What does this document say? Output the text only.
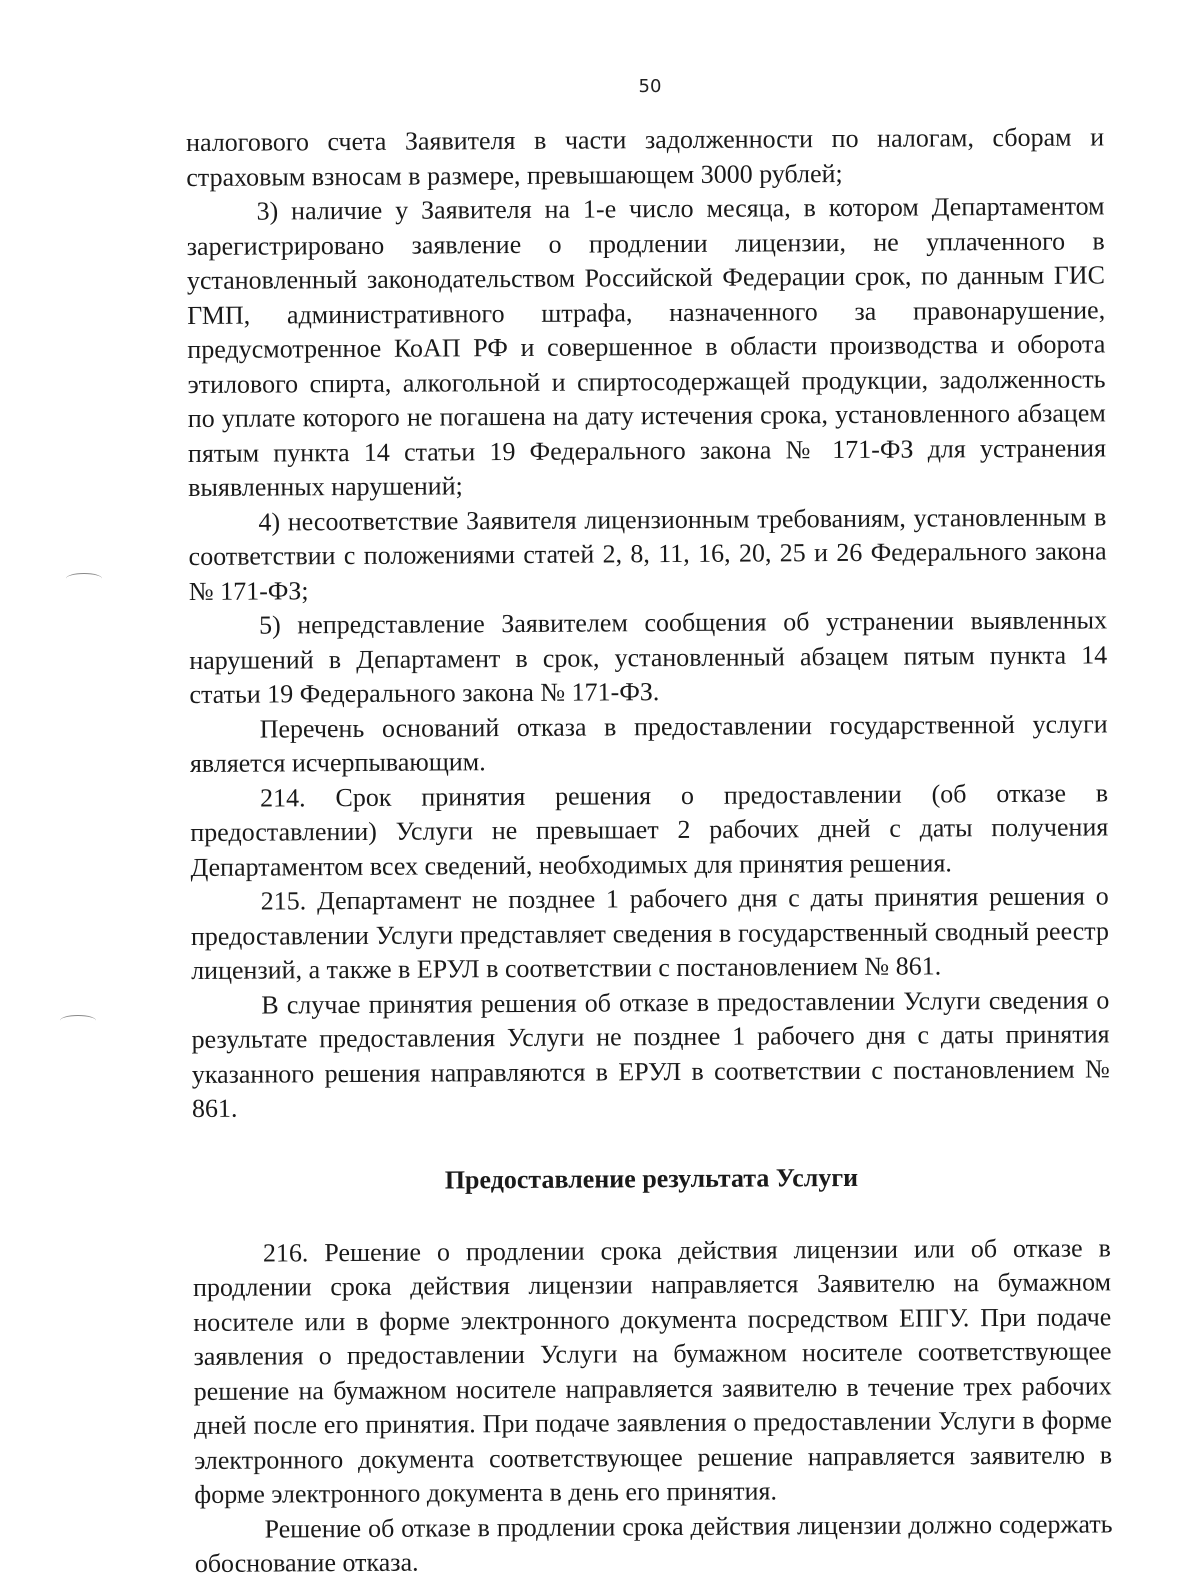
50

налогового счета Заявителя в части задолженности по налогам, сборам и страховым взносам в размере, превышающем 3000 рублей;

3) наличие у Заявителя на 1-е число месяца, в котором Департаментом зарегистрировано заявление о продлении лицензии, не уплаченного в установленный законодательством Российской Федерации срок, по данным ГИС ГМП, административного штрафа, назначенного за правонарушение, предусмотренное КоАП РФ и совершенное в области производства и оборота этилового спирта, алкогольной и спиртосодержащей продукции, задолженность по уплате которого не погашена на дату истечения срока, установленного абзацем пятым пункта 14 статьи 19 Федерального закона № 171-ФЗ для устранения выявленных нарушений;

4) несоответствие Заявителя лицензионным требованиям, установленным в соответствии с положениями статей 2, 8, 11, 16, 20, 25 и 26 Федерального закона № 171-ФЗ;

5) непредставление Заявителем сообщения об устранении выявленных нарушений в Департамент в срок, установленный абзацем пятым пункта 14 статьи 19 Федерального закона № 171-ФЗ.

Перечень оснований отказа в предоставлении государственной услуги является исчерпывающим.

214. Срок принятия решения о предоставлении (об отказе в предоставлении) Услуги не превышает 2 рабочих дней с даты получения Департаментом всех сведений, необходимых для принятия решения.

215. Департамент не позднее 1 рабочего дня с даты принятия решения о предоставлении Услуги представляет сведения в государственный сводный реестр лицензий, а также в ЕРУЛ в соответствии с постановлением № 861.

В случае принятия решения об отказе в предоставлении Услуги сведения о результате предоставления Услуги не позднее 1 рабочего дня с даты принятия указанного решения направляются в ЕРУЛ в соответствии с постановлением № 861.

Предоставление результата Услуги

216. Решение о продлении срока действия лицензии или об отказе в продлении срока действия лицензии направляется Заявителю на бумажном носителе или в форме электронного документа посредством ЕПГУ. При подаче заявления о предоставлении Услуги на бумажном носителе соответствующее решение на бумажном носителе направляется заявителю в течение трех рабочих дней после его принятия. При подаче заявления о предоставлении Услуги в форме электронного документа соответствующее решение направляется заявителю в форме электронного документа в день его принятия.

Решение об отказе в продлении срока действия лицензии должно содержать обоснование отказа.
